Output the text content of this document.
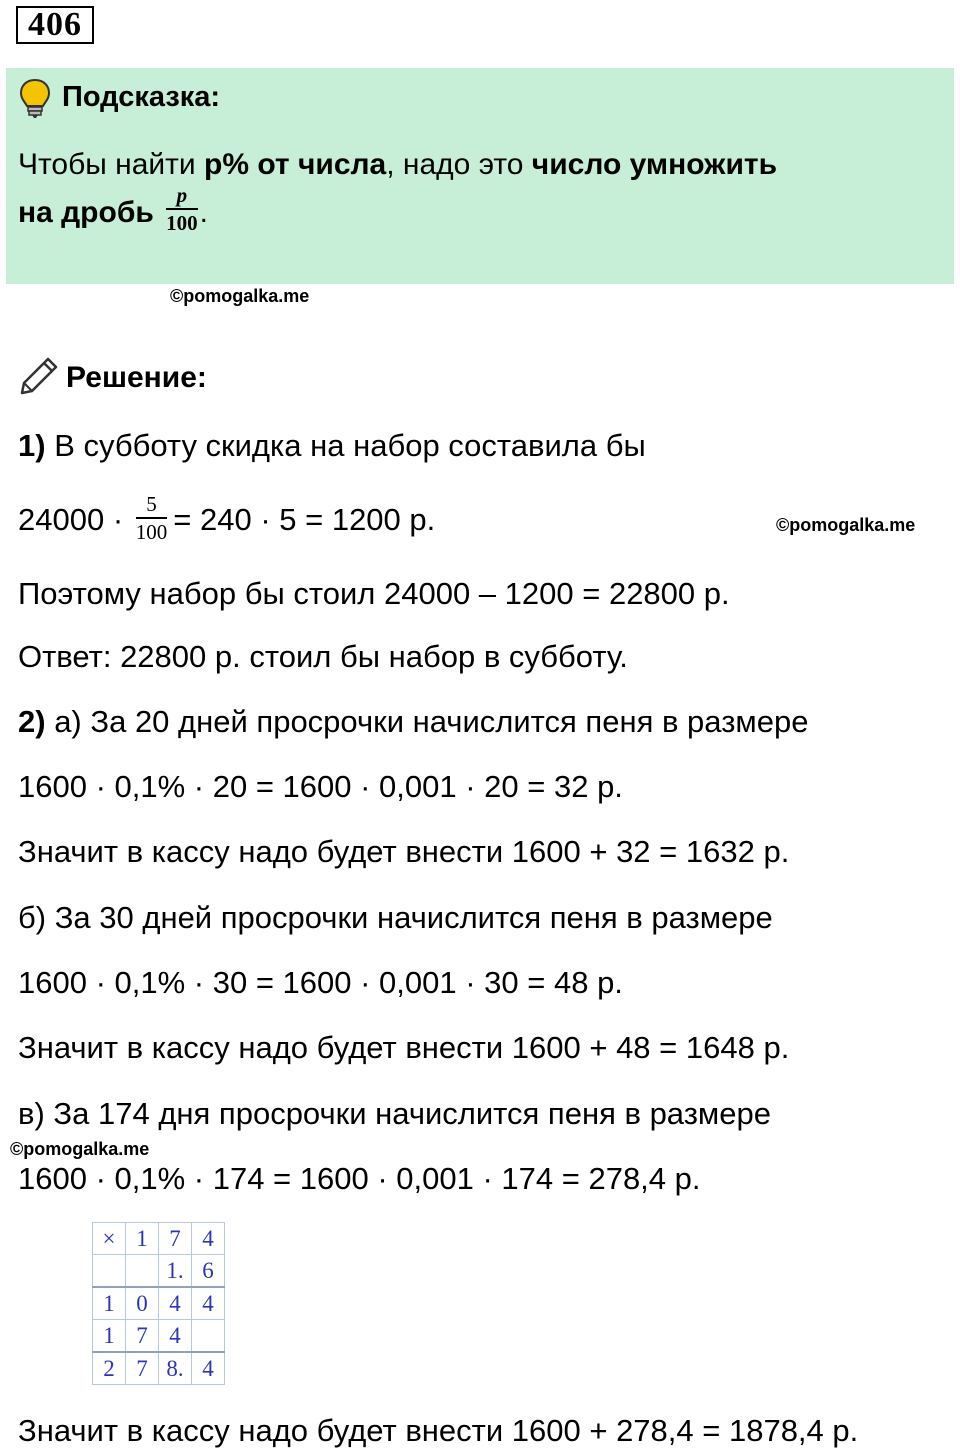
406
Подсказка:
Чтобы найти p% от числа, надо это число умножить
на дробь $\frac{p}{100}$ .
©pomogalka.me
Решение:
1) В субботу скидка на набор составила бы
$24000 \cdot \frac{5}{100} = 240 \cdot 5 = 1200$ р.	©pomogalka.me
Поэтому набор бы стоил 24000 – 1200 = 22800 р.
Ответ: 22800 р. стоил бы набор в субботу.
2) а) За 20 дней просрочки начислится пеня в размере
1600 · 0,1% · 20 = 1600 · 0,001 · 20 = 32 р.
Значит в кассу надо будет внести 1600 + 32 = 1632 р.
б) За 30 дней просрочки начислится пеня в размере
1600 · 0,1% · 30 = 1600 · 0,001 · 30 = 48 р.
Значит в кассу надо будет внести 1600 + 48 = 1648 р.
в) За 174 дня просрочки начислится пеня в размере
©pomogalka.me
1600 · 0,1% · 174 = 1600 · 0,001 · 174 = 278,4 р.
×	1	7	4
		1.	6
1	0	4	4
1	7	4	
2	7	8.	4
Значит в кассу надо будет внести 1600 + 278,4 = 1878,4 р.
